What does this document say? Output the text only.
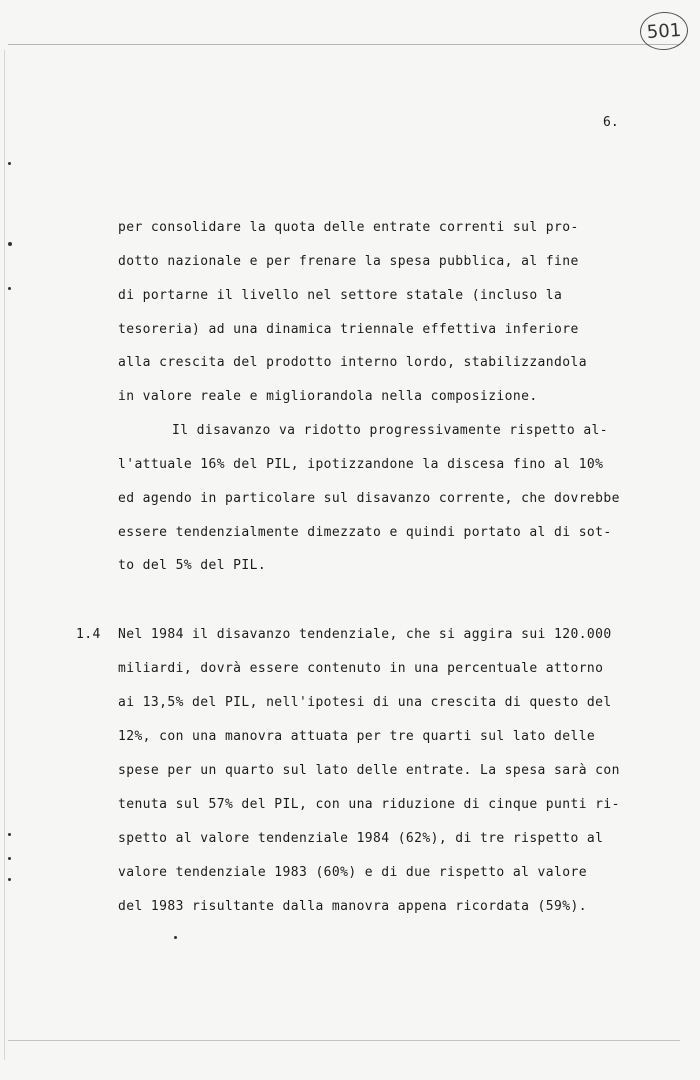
501
6.
per consolidare la quota delle entrate correnti sul pro-
dotto nazionale e per frenare la spesa pubblica, al fine
di portarne il livello nel settore statale (incluso la
tesoreria) ad una dinamica triennale effettiva inferiore
alla crescita del prodotto interno lordo, stabilizzandola
in valore reale e migliorandola nella composizione.
Il disavanzo va ridotto progressivamente rispetto al-
l'attuale 16% del PIL, ipotizzandone la discesa fino al 10%
ed agendo in particolare sul disavanzo corrente, che dovrebbe
essere tendenzialmente dimezzato e quindi portato al di sot-
to del 5% del PIL.
1.4 Nel 1984 il disavanzo tendenziale, che si aggira sui 120.000
miliardi, dovrà essere contenuto in una percentuale attorno
ai 13,5% del PIL, nell'ipotesi di una crescita di questo del
12%, con una manovra attuata per tre quarti sul lato delle
spese per un quarto sul lato delle entrate. La spesa sarà con
tenuta sul 57% del PIL, con una riduzione di cinque punti ri-
spetto al valore tendenziale 1984 (62%), di tre rispetto al
valore tendenziale 1983 (60%) e di due rispetto al valore
del 1983 risultante dalla manovra appena ricordata (59%).
